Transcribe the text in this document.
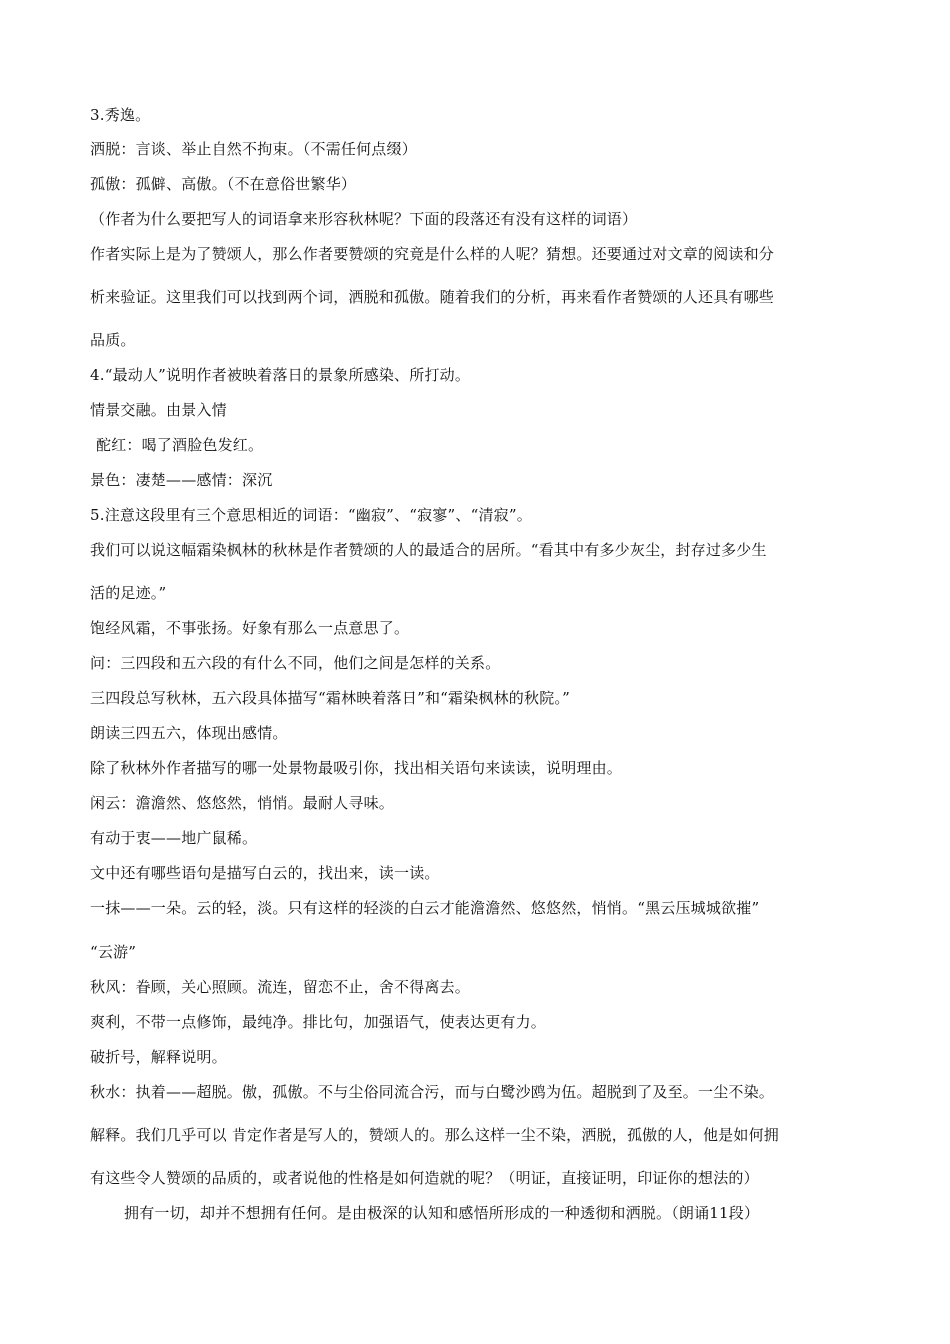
3.秀逸。
洒脱：言谈、举止自然不拘束。（不需任何点缀）
孤傲：孤僻、高傲。（不在意俗世繁华）
（作者为什么要把写人的词语拿来形容秋林呢？下面的段落还有没有这样的词语）
作者实际上是为了赞颂人，那么作者要赞颂的究竟是什么样的人呢？猜想。还要通过对文章的阅读和分
析来验证。这里我们可以找到两个词，洒脱和孤傲。随着我们的分析，再来看作者赞颂的人还具有哪些
品质。
4.“最动人”说明作者被映着落日的景象所感染、所打动。
情景交融。由景入情
酡红：喝了酒脸色发红。
景色：凄楚——感情：深沉
5.注意这段里有三个意思相近的词语：“幽寂”、“寂寥”、“清寂”。
我们可以说这幅霜染枫林的秋林是作者赞颂的人的最适合的居所。“看其中有多少灰尘，封存过多少生
活的足迹。”
饱经风霜，不事张扬。好象有那么一点意思了。
问：三四段和五六段的有什么不同，他们之间是怎样的关系。
三四段总写秋林，五六段具体描写“霜林映着落日”和“霜染枫林的秋院。”
朗读三四五六，体现出感情。
除了秋林外作者描写的哪一处景物最吸引你，找出相关语句来读读，说明理由。
闲云：澹澹然、悠悠然，悄悄。最耐人寻味。
有动于衷——地广鼠稀。
文中还有哪些语句是描写白云的，找出来，读一读。
一抹——一朵。云的轻，淡。只有这样的轻淡的白云才能澹澹然、悠悠然，悄悄。“黑云压城城欲摧”
“云游”
秋风：眷顾，关心照顾。流连，留恋不止，舍不得离去。
爽利，不带一点修饰，最纯净。排比句，加强语气，使表达更有力。
破折号，解释说明。
秋水：执着——超脱。傲，孤傲。不与尘俗同流合污，而与白鹭沙鸥为伍。超脱到了及至。一尘不染。
解释。我们几乎可以 肯定作者是写人的，赞颂人的。那么这样一尘不染，洒脱，孤傲的人，他是如何拥
有这些令人赞颂的品质的，或者说他的性格是如何造就的呢？（明证，直接证明，印证你的想法的）
拥有一切，却并不想拥有任何。是由极深的认知和感悟所形成的一种透彻和洒脱。（朗诵11段）
